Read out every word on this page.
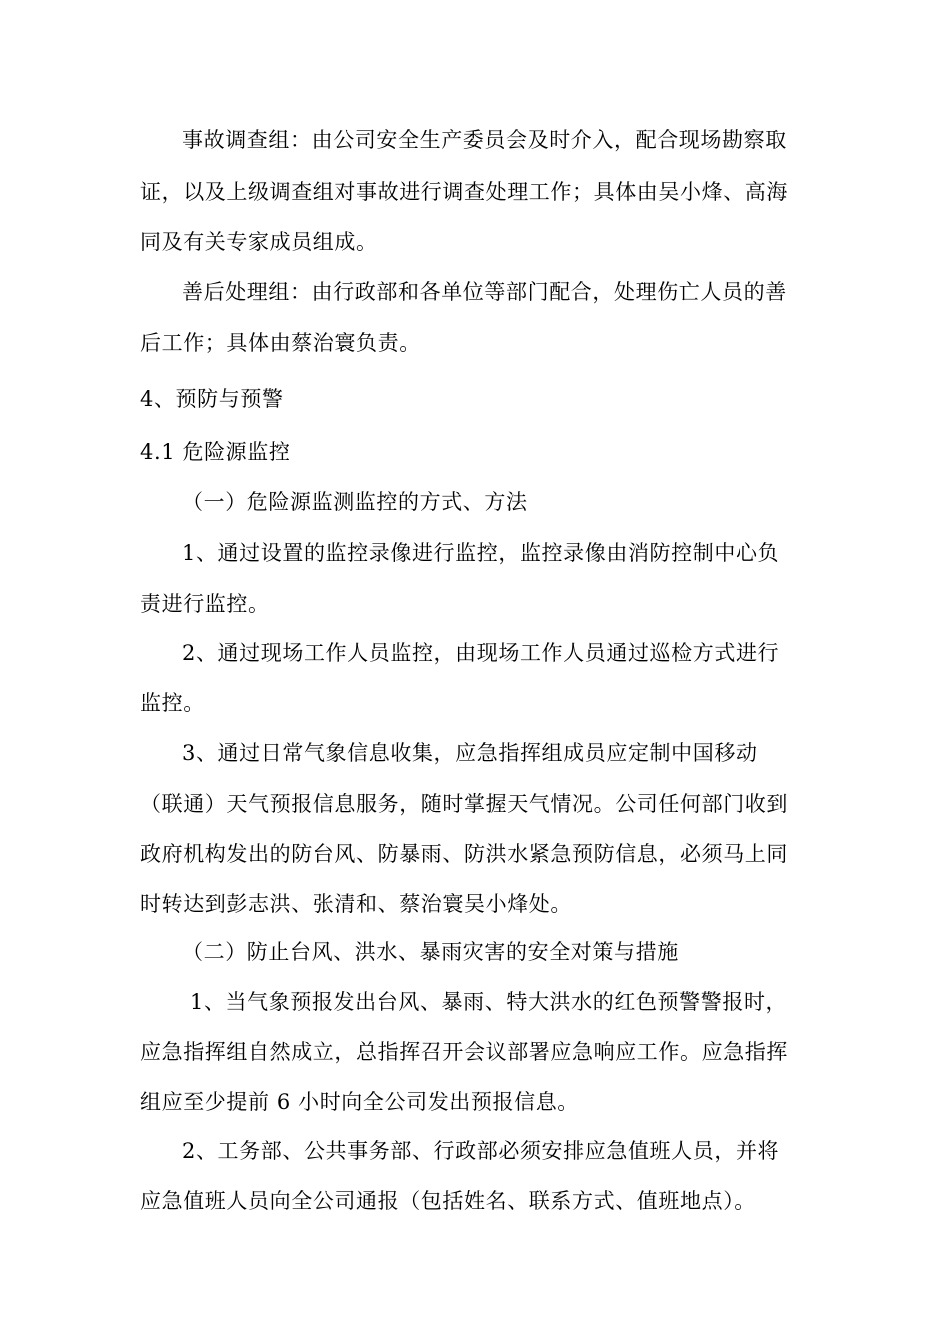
事故调查组：由公司安全生产委员会及时介入，配合现场勘察取
证，以及上级调查组对事故进行调查处理工作；具体由吴小烽、高海
同及有关专家成员组成。
善后处理组：由行政部和各单位等部门配合，处理伤亡人员的善
后工作；具体由蔡治寰负责。
4、预防与预警
4.1 危险源监控
（一）危险源监测监控的方式、方法
1、通过设置的监控录像进行监控，监控录像由消防控制中心负
责进行监控。
2、通过现场工作人员监控，由现场工作人员通过巡检方式进行
监控。
3、通过日常气象信息收集，应急指挥组成员应定制中国移动
（联通）天气预报信息服务，随时掌握天气情况。公司任何部门收到
政府机构发出的防台风、防暴雨、防洪水紧急预防信息，必须马上同
时转达到彭志洪、张清和、蔡治寰吴小烽处。
（二）防止台风、洪水、暴雨灾害的安全对策与措施
1、当气象预报发出台风、暴雨、特大洪水的红色预警警报时，
应急指挥组自然成立，总指挥召开会议部署应急响应工作。应急指挥
组应至少提前 6 小时向全公司发出预报信息。
2、工务部、公共事务部、行政部必须安排应急值班人员，并将
应急值班人员向全公司通报（包括姓名、联系方式、值班地点）。
